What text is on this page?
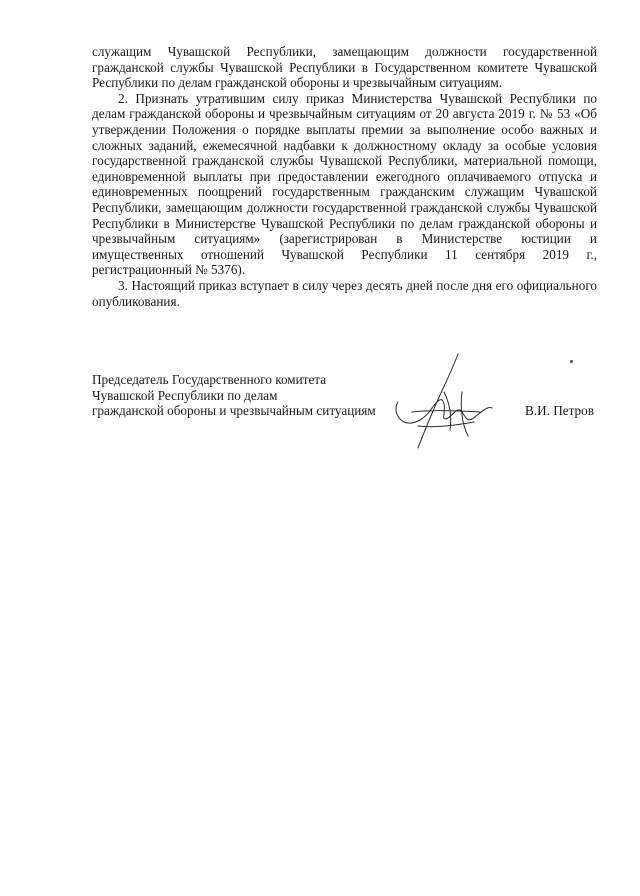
служащим Чувашской Республики, замещающим должности государственной гражданской службы Чувашской Республики в Государственном комитете Чувашской Республики по делам гражданской обороны и чрезвычайным ситуациям.

2. Признать утратившим силу приказ Министерства Чувашской Республики по делам гражданской обороны и чрезвычайным ситуациям от 20 августа 2019 г. № 53 «Об утверждении Положения о порядке выплаты премии за выполнение особо важных и сложных заданий, ежемесячной надбавки к должностному окладу за особые условия государственной гражданской службы Чувашской Республики, материальной помощи, единовременной выплаты при предоставлении ежегодного оплачиваемого отпуска и единовременных поощрений государственным гражданским служащим Чувашской Республики, замещающим должности государственной гражданской службы Чувашской Республики в Министерстве Чувашской Республики по делам гражданской обороны и чрезвычайным ситуациям» (зарегистрирован в Министерстве юстиции и имущественных отношений Чувашской Республики 11 сентября 2019 г., регистрационный № 5376).

3. Настоящий приказ вступает в силу через десять дней после дня его официального опубликования.

Председатель Государственного комитета
Чувашской Республики по делам
гражданской обороны и чрезвычайным ситуациям	В.И. Петров
